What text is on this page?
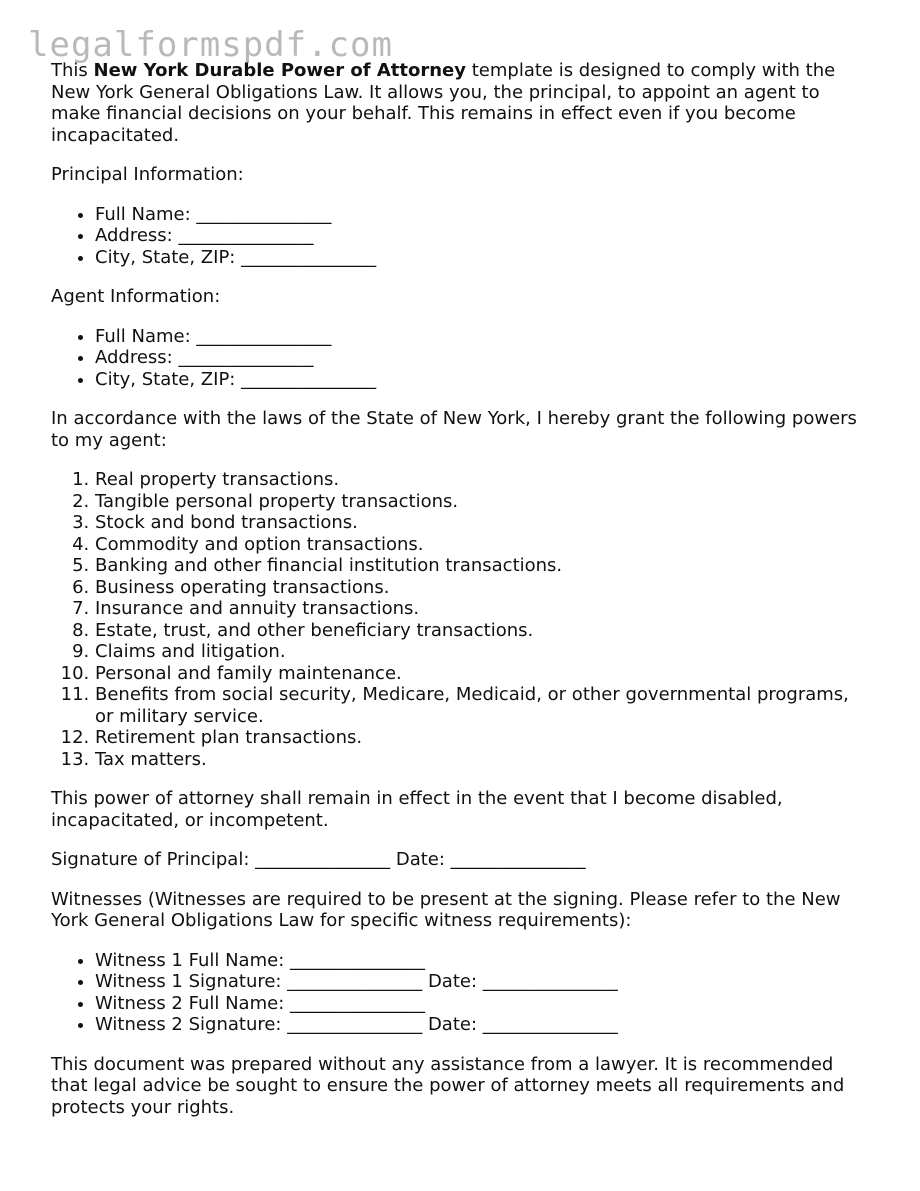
legalformspdf.com

This New York Durable Power of Attorney template is designed to comply with the New York General Obligations Law. It allows you, the principal, to appoint an agent to make financial decisions on your behalf. This remains in effect even if you become incapacitated.

Principal Information:

• Full Name: _______________
• Address: _______________
• City, State, ZIP: _______________

Agent Information:

• Full Name: _______________
• Address: _______________
• City, State, ZIP: _______________

In accordance with the laws of the State of New York, I hereby grant the following powers to my agent:

1. Real property transactions.
2. Tangible personal property transactions.
3. Stock and bond transactions.
4. Commodity and option transactions.
5. Banking and other financial institution transactions.
6. Business operating transactions.
7. Insurance and annuity transactions.
8. Estate, trust, and other beneficiary transactions.
9. Claims and litigation.
10. Personal and family maintenance.
11. Benefits from social security, Medicare, Medicaid, or other governmental programs, or military service.
12. Retirement plan transactions.
13. Tax matters.

This power of attorney shall remain in effect in the event that I become disabled, incapacitated, or incompetent.

Signature of Principal: _______________ Date: _______________

Witnesses (Witnesses are required to be present at the signing. Please refer to the New York General Obligations Law for specific witness requirements):

• Witness 1 Full Name: _______________
• Witness 1 Signature: _______________ Date: _______________
• Witness 2 Full Name: _______________
• Witness 2 Signature: _______________ Date: _______________

This document was prepared without any assistance from a lawyer. It is recommended that legal advice be sought to ensure the power of attorney meets all requirements and protects your rights.
